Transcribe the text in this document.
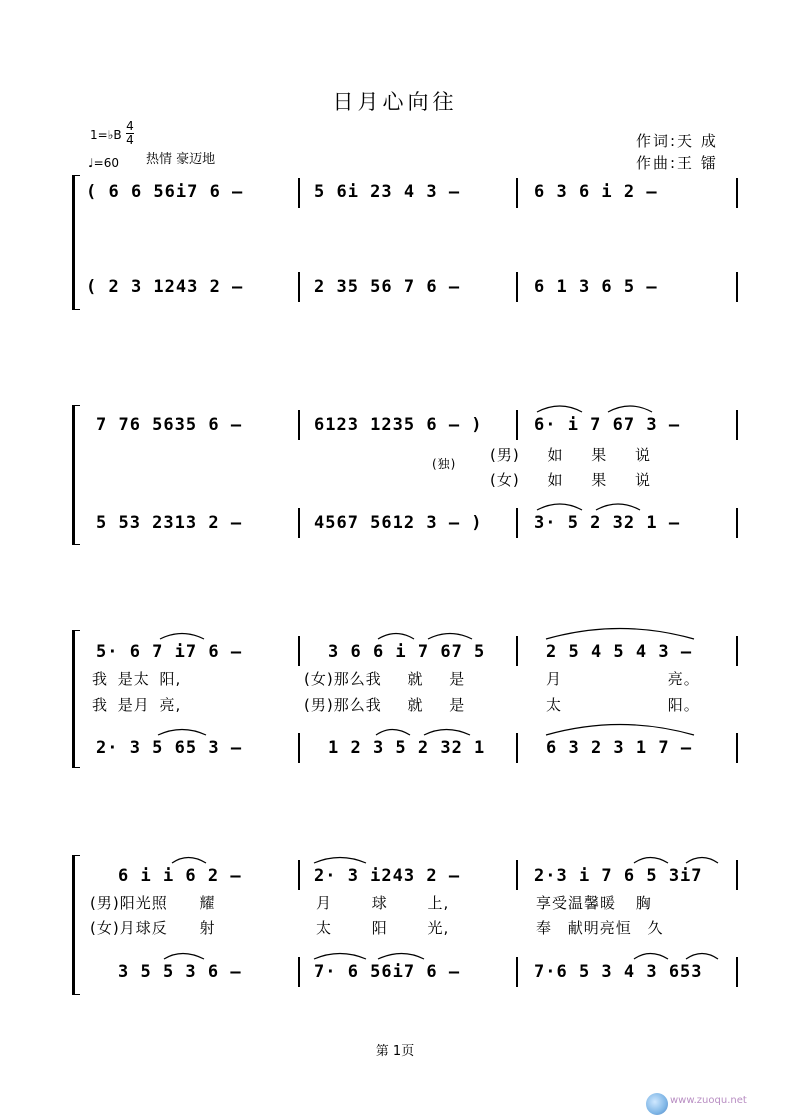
日月心向往
1=♭B
4
4
♩=60 热情 豪迈地
作词:天 成
作曲:王 镭
( 6 6 56i7 6 –	5 6i 23 4 3 –	6 3 6 i 2 –
( 2 3 1243 2 –	2 35 56 7 6 –	6 1 3 6 5 –
7 76 5635 6 –	6123 1235 6 – )	6· i 7 67 3 –
(独) (男) 如 果 说
(女) 如 果 说
5 53 2313 2 –	4567 5612 3 – )	3· 5 2 32 1 –
5· 6 7 i7 6 –	3 6 6 i 7 67 5	2 5 4 5 4 3 –
我 是太 阳,	(女)那么我 就 是	月 亮。
我 是月 亮,	(男)那么我 就 是	太 阳。
2· 3 5 65 3 –	1 2 3 5 2 32 1	6 3 2 3 1 7 –
6 i i 6 2 –	2· 3 i243 2 –	2·3 i 7 6 5 3i7
(男)阳光照 耀	月 球 上,	享受温馨暖 胸
(女)月球反 射	太 阳 光,	奉 献明亮恒 久
3 5 5 3 6 –	7· 6 56i7 6 –	7·6 5 3 4 3 653
第 1页
www.zuoqu.net
